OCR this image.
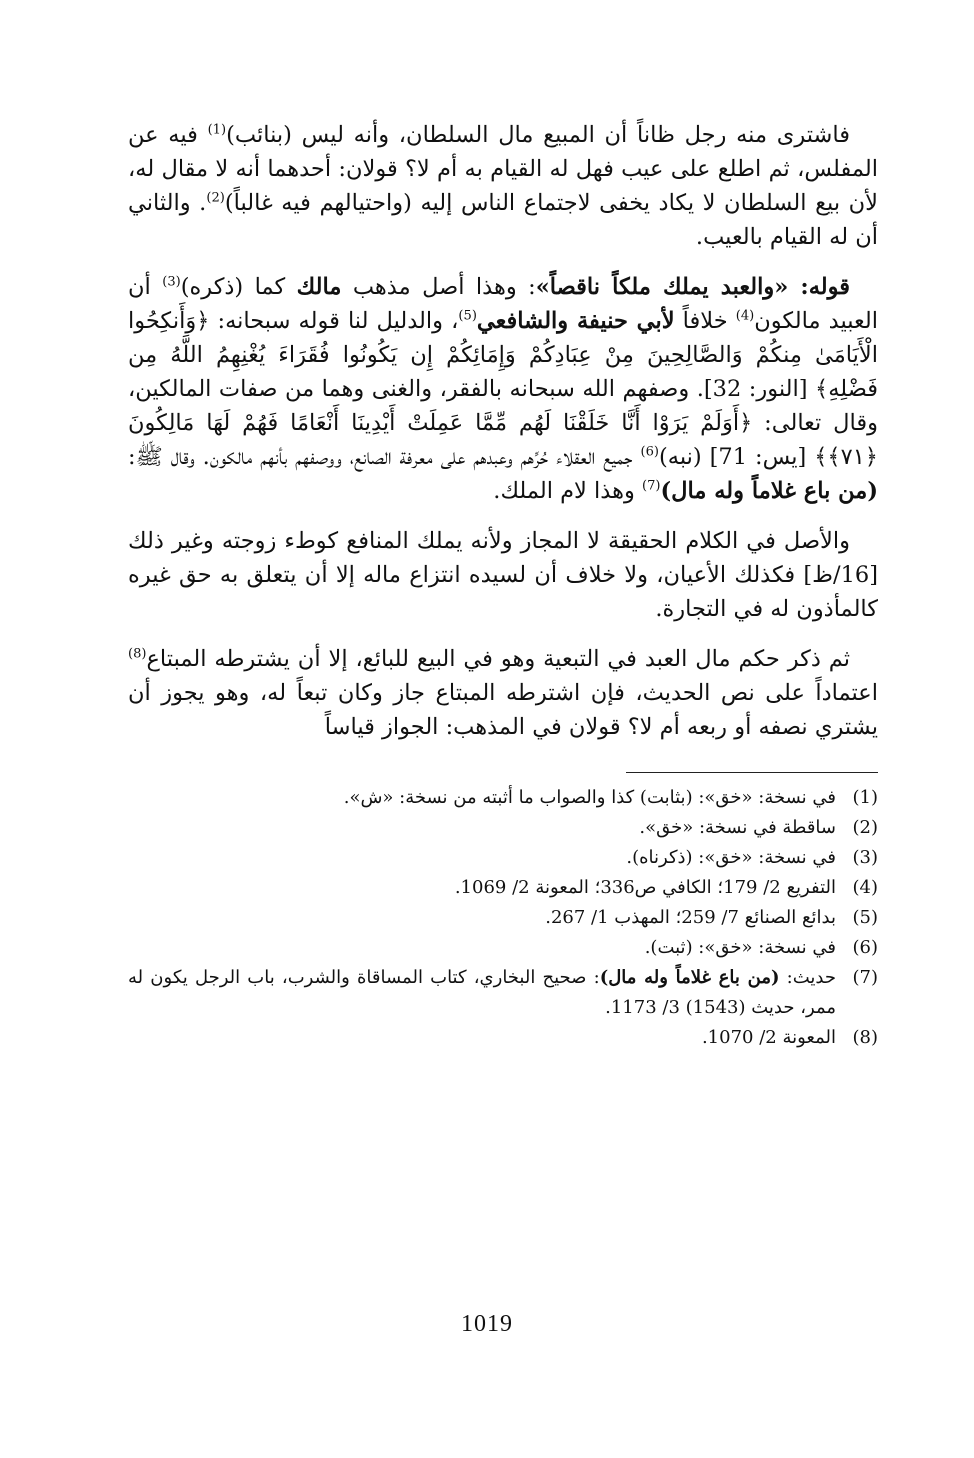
فاشترى منه رجل ظاناً أن المبيع مال السلطان، وأنه ليس (بنائب)$^{(1)}$ فيه عن المفلس، ثم اطلع على عيب فهل له القيام به أم لا؟ قولان: أحدهما أنه لا مقال له، لأن بيع السلطان لا يكاد يخفى لاجتماع الناس إليه (واحتيالهم فيه غالباً)$^{(2)}$. والثاني أن له القيام بالعيب.

قوله: «والعبد يملك ملكاً ناقصاً»: وهذا أصل مذهب مالك كما (ذكره)$^{(3)}$ أن العبيد مالكون$^{(4)}$ خلافاً لأبي حنيفة والشافعي$^{(5)}$، والدليل لنا قوله سبحانه: ﴿وَأَنكِحُوا الْأَيَامَىٰ مِنكُمْ وَالصَّالِحِينَ مِنْ عِبَادِكُمْ وَإِمَائِكُمْ إِن يَكُونُوا فُقَرَاءَ يُغْنِهِمُ اللَّهُ مِن فَضْلِهِ﴾ [النور: 32]. وصفهم الله سبحانه بالفقر، والغنى وهما من صفات المالكين، وقال تعالى: ﴿أَوَلَمْ يَرَوْا أَنَّا خَلَقْنَا لَهُم مِّمَّا عَمِلَتْ أَيْدِينَا أَنْعَامًا فَهُمْ لَهَا مَالِكُونَ ﴿٧١﴾﴾ [يس: 71] (نبه)$^{(6)}$ جميع العقلاء حُرِّهم وعبدهم على معرفة الصانع، ووصفهم بأنهم مالكون. وقال ﷺ: (من باع غلاماً وله مال)$^{(7)}$ وهذا لام الملك.

والأصل في الكلام الحقيقة لا المجاز ولأنه يملك المنافع كوطء زوجته وغير ذلك [16/ظ] فكذلك الأعيان، ولا خلاف أن لسيده انتزاع ماله إلا أن يتعلق به حق غيره كالمأذون له في التجارة.

ثم ذكر حكم مال العبد في التبعية وهو في البيع للبائع، إلا أن يشترطه المبتاع$^{(8)}$ اعتماداً على نص الحديث، فإن اشترطه المبتاع جاز وكان تبعاً له، وهو يجوز أن يشتري نصفه أو ربعه أم لا؟ قولان في المذهب: الجواز قياساً

(1)
في نسخة: «خق»: (بثابت) كذا والصواب ما أثبته من نسخة: «ش».

(2)
ساقطة في نسخة: «خق».

(3)
في نسخة: «خق»: (ذكرناه).

(4)
التفريع 2/ 179؛ الكافي ص336؛ المعونة 2/ 1069.

(5)
بدائع الصنائع 7/ 259؛ المهذب 1/ 267.

(6)
في نسخة: «خق»: (ثبت).

(7)
حديث: (من باع غلاماً وله مال): صحيح البخاري، كتاب المساقاة والشرب، باب الرجل يكون له ممر، حديث (1543) 3/ 1173.

(8)
المعونة 2/ 1070.

1019
